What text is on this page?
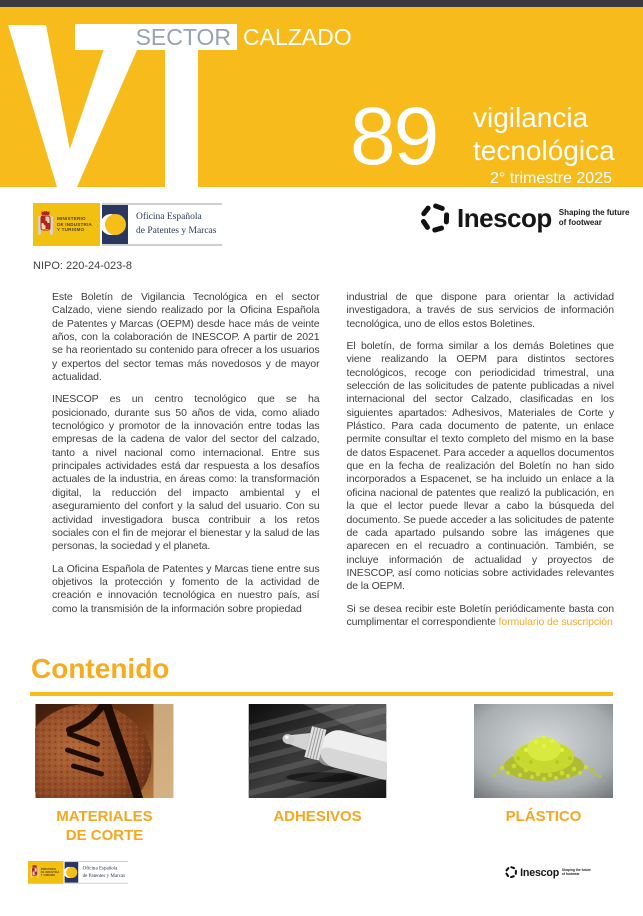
SECTOR CALZADO
89 vigilancia
tecnológica
2° trimestre 2025
MINISTERIO
DE INDUSTRIA
Y TURISMO
Oficina Española
de Patentes y Marcas	Inescop Shaping the future
of footwear
NIPO: 220-24-023-8

Este Boletín de Vigilancia Tecnológica en el sector Calzado, viene siendo realizado por la Oficina Española de Patentes y Marcas (OEPM) desde hace más de veinte años, con la colaboración de INESCOP. A partir de 2021 se ha reorientado su contenido para ofrecer a los usuarios y expertos del sector temas más novedosos y de mayor actualidad.

INESCOP es un centro tecnológico que se ha posicionado, durante sus 50 años de vida, como aliado tecnológico y promotor de la innovación entre todas las empresas de la cadena de valor del sector del calzado, tanto a nivel nacional como internacional. Entre sus principales actividades está dar respuesta a los desafíos actuales de la industria, en áreas como: la transformación digital, la reducción del impacto ambiental y el aseguramiento del confort y la salud del usuario. Con su actividad investigadora busca contribuir a los retos sociales con el fin de mejorar el bienestar y la salud de las personas, la sociedad y el planeta.

La Oficina Española de Patentes y Marcas tiene entre sus objetivos la protección y fomento de la actividad de creación e innovación tecnológica en nuestro país, así como la transmisión de la información sobre propiedad

industrial de que dispone para orientar la actividad investigadora, a través de sus servicios de información tecnológica, uno de ellos estos Boletines.

El boletín, de forma similar a los demás Boletines que viene realizando la OEPM para distintos sectores tecnológicos, recoge con periodicidad trimestral, una selección de las solicitudes de patente publicadas a nivel internacional del sector Calzado, clasificadas en los siguientes apartados: Adhesivos, Materiales de Corte y Plástico. Para cada documento de patente, un enlace permite consultar el texto completo del mismo en la base de datos Espacenet. Para acceder a aquellos documentos que en la fecha de realización del Boletín no han sido incorporados a Espacenet, se ha incluido un enlace a la oficina nacional de patentes que realizó la publicación, en la que el lector puede llevar a cabo la búsqueda del documento. Se puede acceder a las solicitudes de patente de cada apartado pulsando sobre las imágenes que aparecen en el recuadro a continuación. También, se incluye información de actualidad y proyectos de INESCOP, así como noticias sobre actividades relevantes de la OEPM.

Si se desea recibir este Boletín periódicamente basta con cumplimentar el correspondiente formulario de suscripción

Contenido
MATERIALES
DE CORTE
ADHESIVOS	PLÁSTICO
MINISTERIO
DE INDUSTRIA
Y TURISMO
Oficina Española
de Patentes y Marcas	Inescop Shaping the future
of footwear
